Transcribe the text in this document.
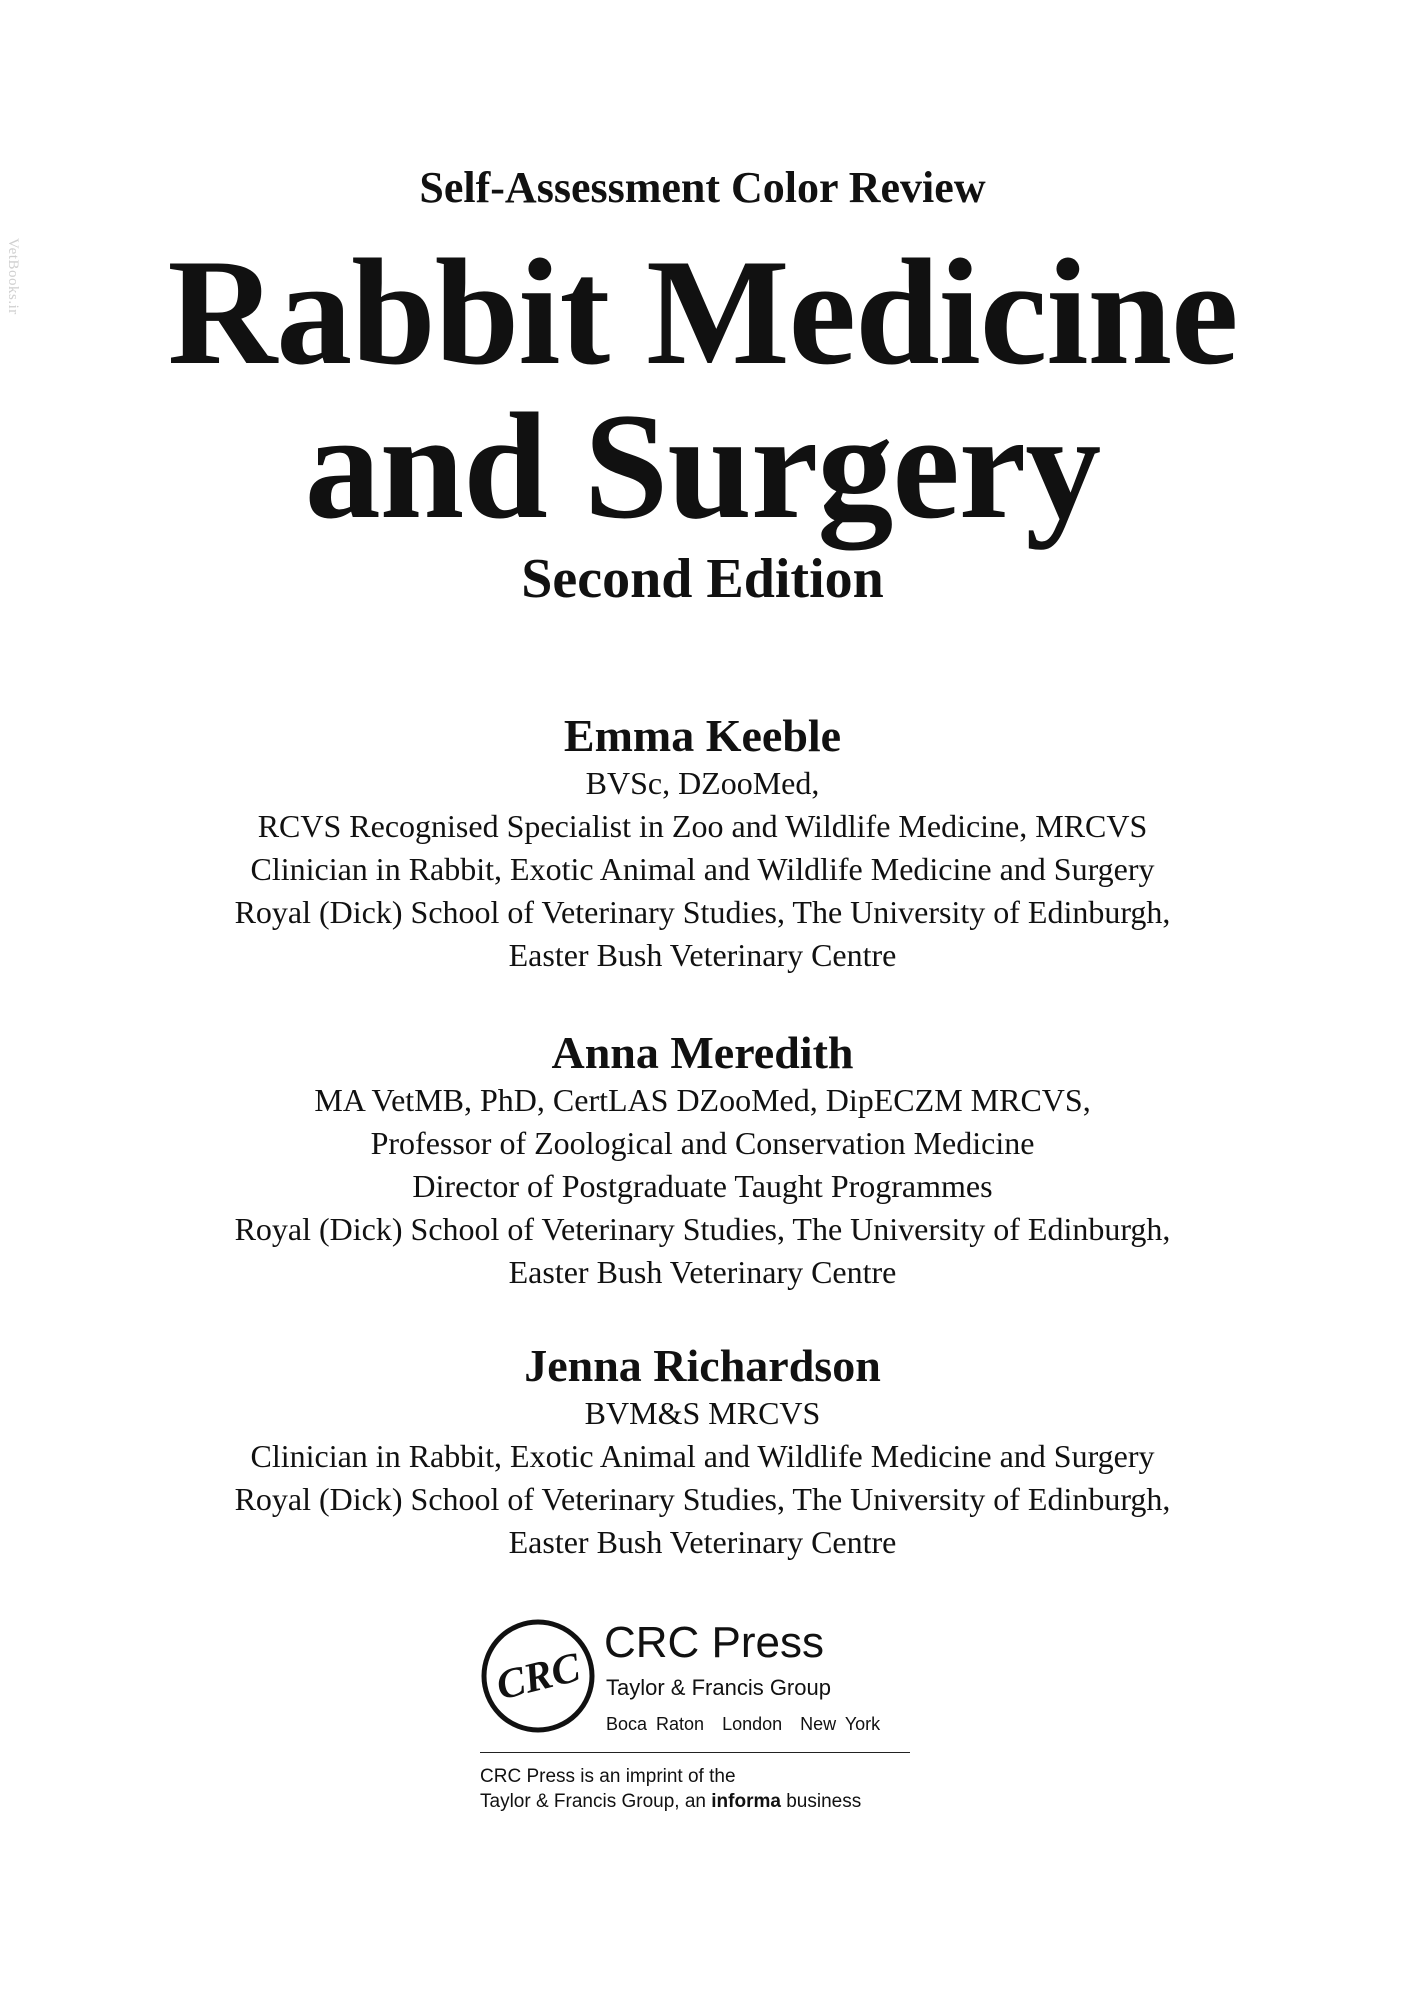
VetBooks.ir
Self-Assessment Color Review
Rabbit Medicine
and Surgery
Second Edition

Emma Keeble

BVSc, DZooMed,

RCVS Recognised Specialist in Zoo and Wildlife Medicine, MRCVS

Clinician in Rabbit, Exotic Animal and Wildlife Medicine and Surgery

Royal (Dick) School of Veterinary Studies, The University of Edinburgh,

Easter Bush Veterinary Centre

Anna Meredith

MA VetMB, PhD, CertLAS DZooMed, DipECZM MRCVS,

Professor of Zoological and Conservation Medicine

Director of Postgraduate Taught Programmes

Royal (Dick) School of Veterinary Studies, The University of Edinburgh,

Easter Bush Veterinary Centre

Jenna Richardson

BVM&S MRCVS

Clinician in Rabbit, Exotic Animal and Wildlife Medicine and Surgery

Royal (Dick) School of Veterinary Studies, The University of Edinburgh,

Easter Bush Veterinary Centre

CRC
CRC Press
Taylor & Francis Group
Boca Raton  London  New York
CRC Press is an imprint of the
Taylor & Francis Group, an informa business
